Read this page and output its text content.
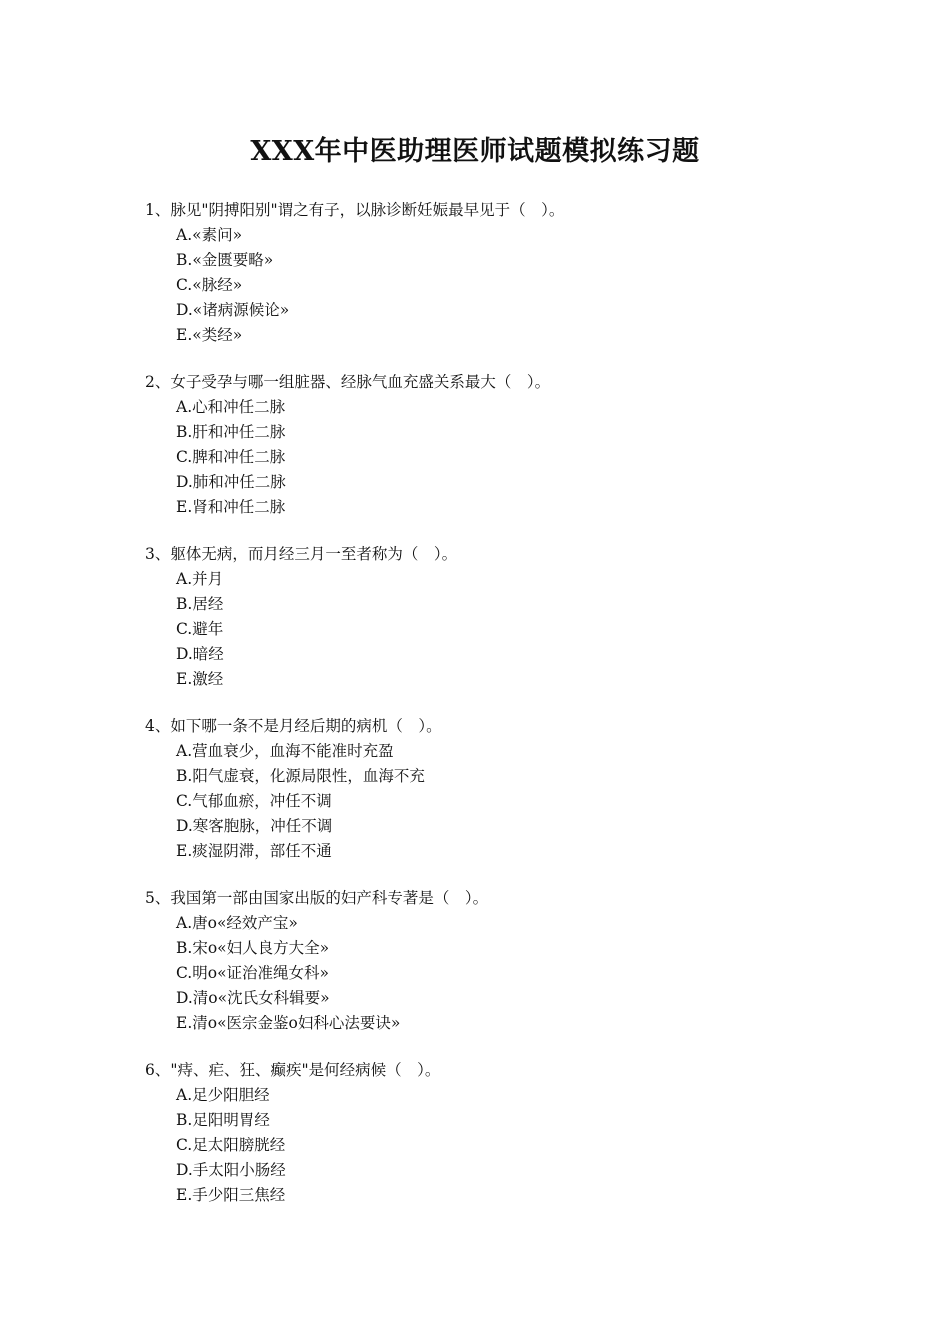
XXX年中医助理医师试题模拟练习题
1、脉见"阴搏阳别"谓之有子，以脉诊断妊娠最早见于（　）。
A.«素问»
B.«金匮要略»
C.«脉经»
D.«诸病源候论»
E.«类经»
2、女子受孕与哪一组脏器、经脉气血充盛关系最大（　）。
A.心和冲任二脉
B.肝和冲任二脉
C.脾和冲任二脉
D.肺和冲任二脉
E.肾和冲任二脉
3、躯体无病，而月经三月一至者称为（　）。
A.并月
B.居经
C.避年
D.暗经
E.激经
4、如下哪一条不是月经后期的病机（　）。
A.营血衰少，血海不能准时充盈
B.阳气虚衰，化源局限性，血海不充
C.气郁血瘀，冲任不调
D.寒客胞脉，冲任不调
E.痰湿阴滞，部任不通
5、我国第一部由国家出版的妇产科专著是（　）。
A.唐ο«经效产宝»
B.宋ο«妇人良方大全»
C.明ο«证治准绳女科»
D.清ο«沈氏女科辑要»
E.清ο«医宗金鉴ο妇科心法要诀»
6、"痔、疟、狂、癫疾"是何经病候（　）。
A.足少阳胆经
B.足阳明胃经
C.足太阳膀胱经
D.手太阳小肠经
E.手少阳三焦经
